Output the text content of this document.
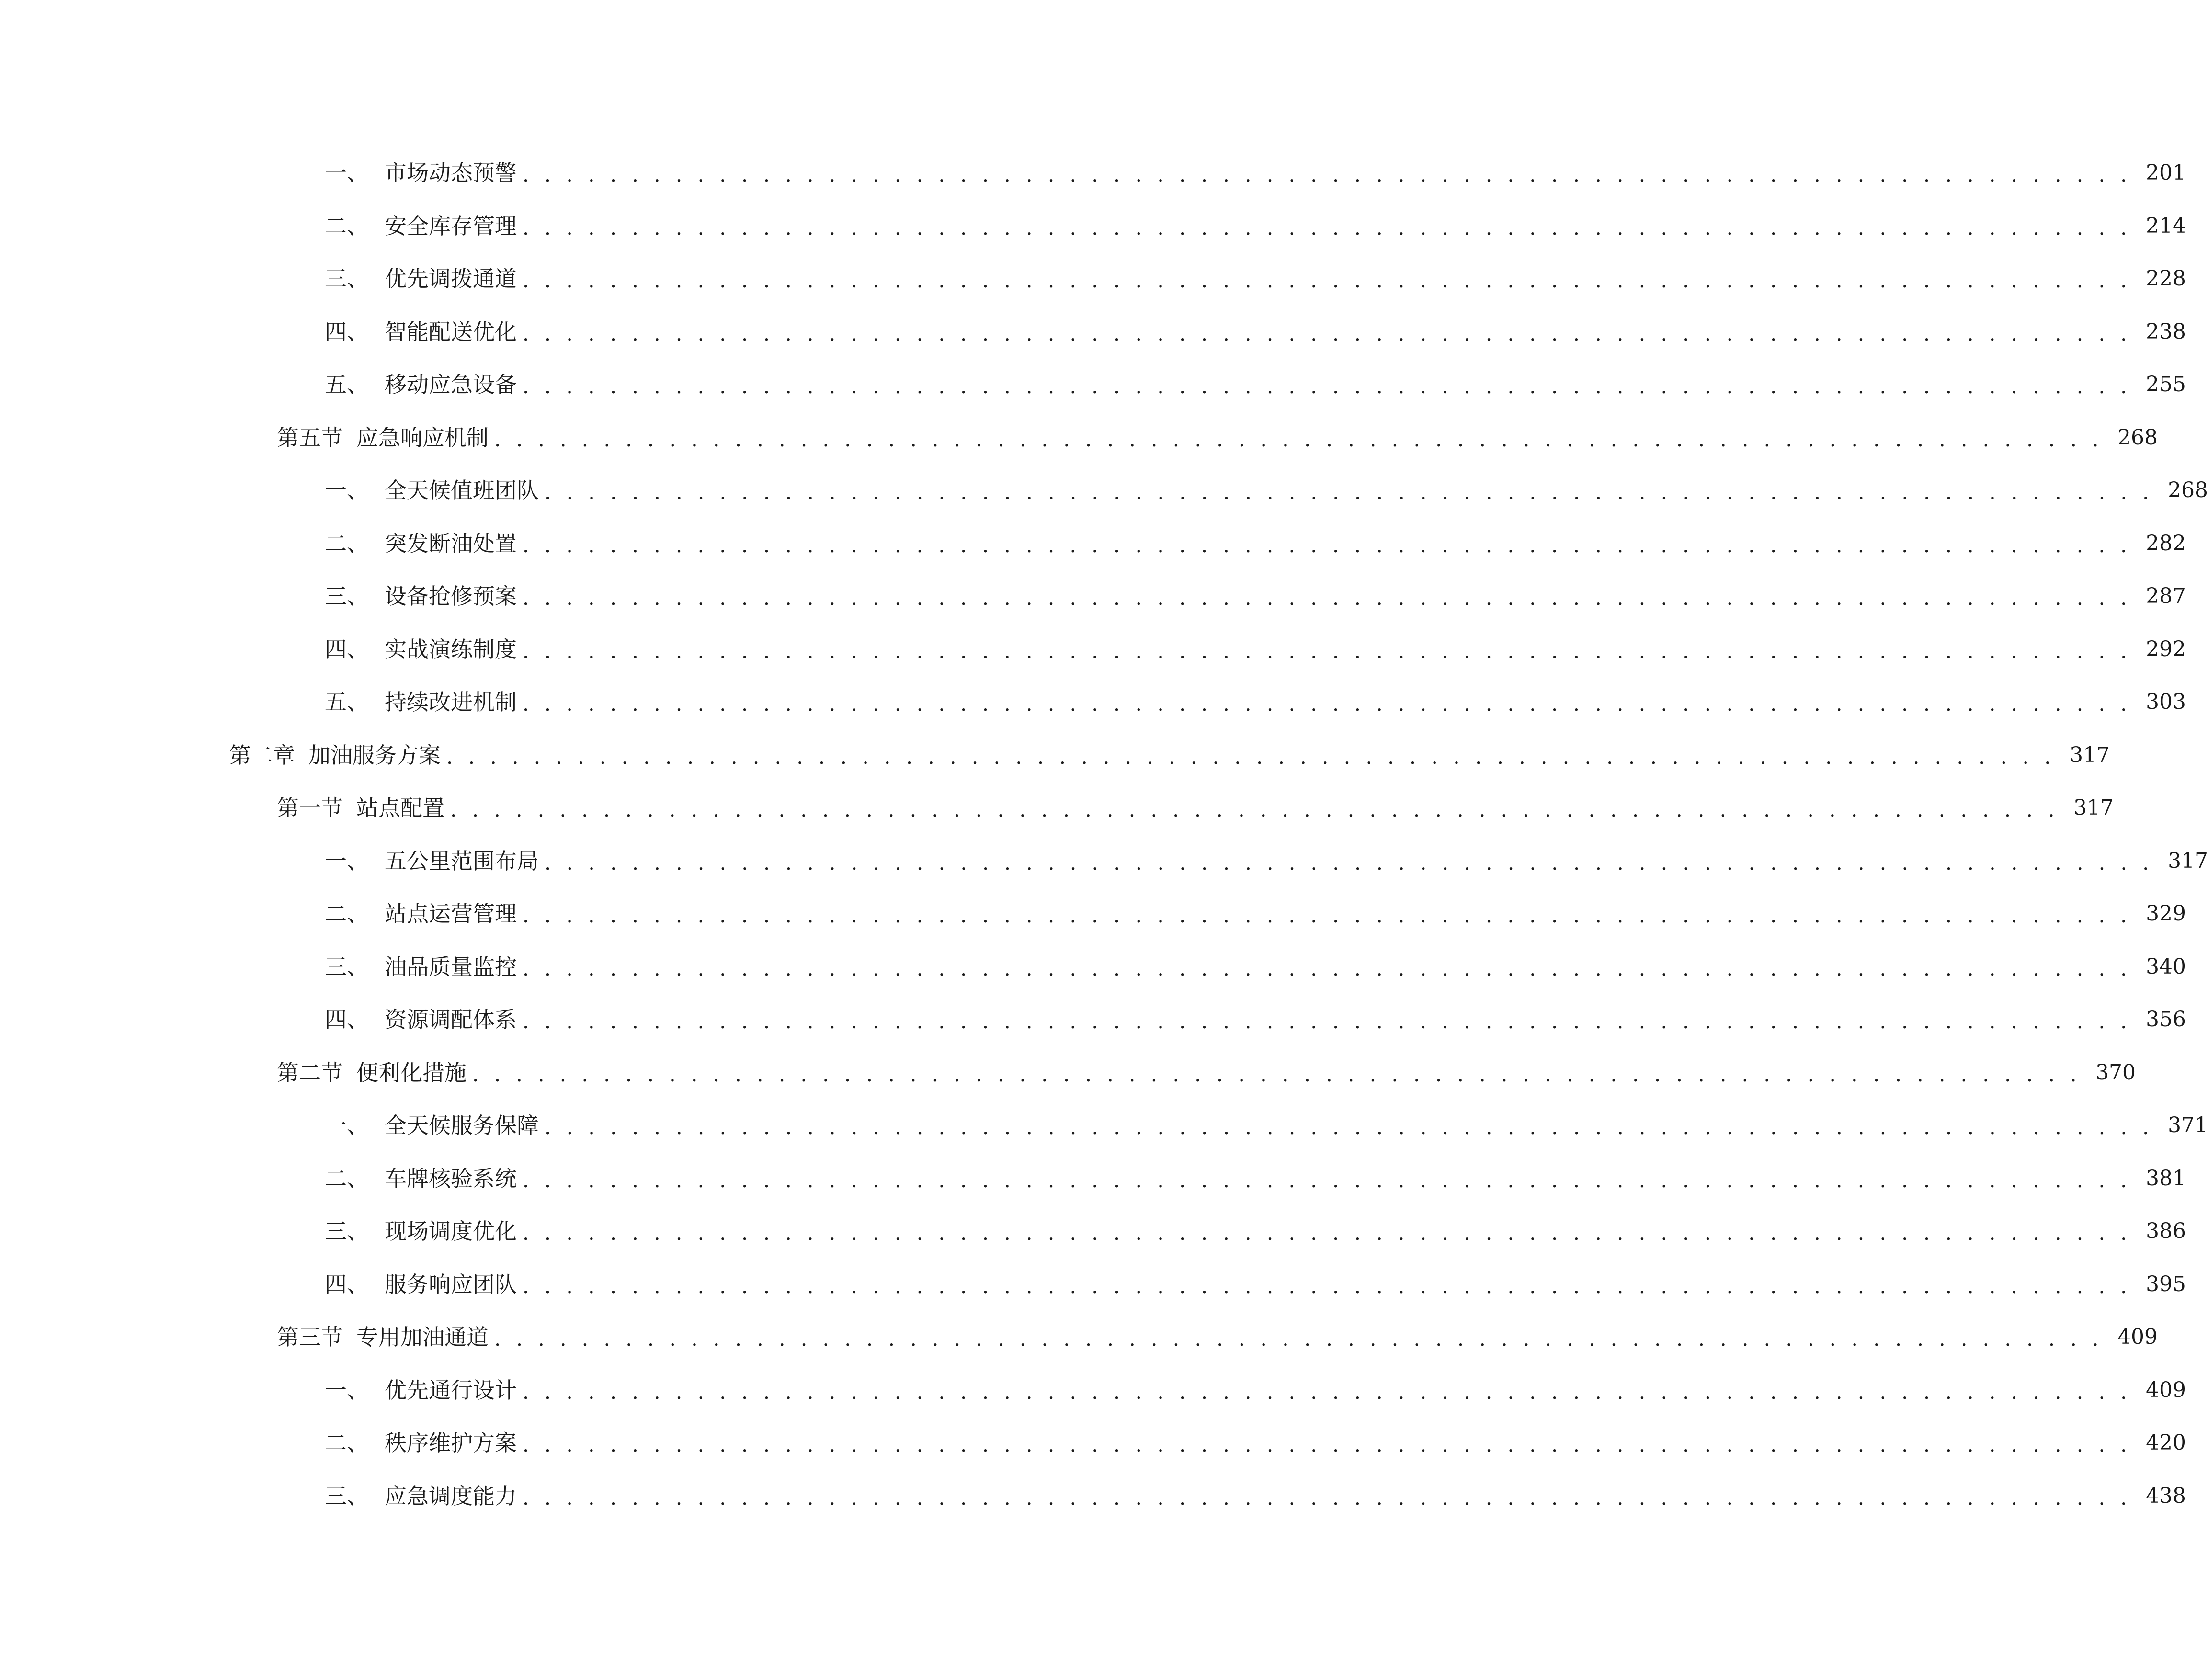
一、 市场动态预警 . . . . . . . . . . . . . . . . . . . . . . . . . . . . . . . . . . . . . . . . . . . . . . . . . . . . . . . . . . . . . . . . . . . . . . . . . . 201
二、 安全库存管理 . . . . . . . . . . . . . . . . . . . . . . . . . . . . . . . . . . . . . . . . . . . . . . . . . . . . . . . . . . . . . . . . . . . . . . . . . . 214
三、 优先调拨通道 . . . . . . . . . . . . . . . . . . . . . . . . . . . . . . . . . . . . . . . . . . . . . . . . . . . . . . . . . . . . . . . . . . . . . . . . . . 228
四、 智能配送优化 . . . . . . . . . . . . . . . . . . . . . . . . . . . . . . . . . . . . . . . . . . . . . . . . . . . . . . . . . . . . . . . . . . . . . . . . . . 238
五、 移动应急设备 . . . . . . . . . . . . . . . . . . . . . . . . . . . . . . . . . . . . . . . . . . . . . . . . . . . . . . . . . . . . . . . . . . . . . . . . . . 255
第五节 应急响应机制 . . . . . . . . . . . . . . . . . . . . . . . . . . . . . . . . . . . . . . . . . . . . . . . . . . . . . . . . . . . . . . . . . . . . . . . . . . 268
一、 全天候值班团队 . . . . . . . . . . . . . . . . . . . . . . . . . . . . . . . . . . . . . . . . . . . . . . . . . . . . . . . . . . . . . . . . . . . . . . . . . . 268
二、 突发断油处置 . . . . . . . . . . . . . . . . . . . . . . . . . . . . . . . . . . . . . . . . . . . . . . . . . . . . . . . . . . . . . . . . . . . . . . . . . . 282
三、 设备抢修预案 . . . . . . . . . . . . . . . . . . . . . . . . . . . . . . . . . . . . . . . . . . . . . . . . . . . . . . . . . . . . . . . . . . . . . . . . . . 287
四、 实战演练制度 . . . . . . . . . . . . . . . . . . . . . . . . . . . . . . . . . . . . . . . . . . . . . . . . . . . . . . . . . . . . . . . . . . . . . . . . . . 292
五、 持续改进机制 . . . . . . . . . . . . . . . . . . . . . . . . . . . . . . . . . . . . . . . . . . . . . . . . . . . . . . . . . . . . . . . . . . . . . . . . . . 303
第二章 加油服务方案 . . . . . . . . . . . . . . . . . . . . . . . . . . . . . . . . . . . . . . . . . . . . . . . . . . . . . . . . . . . . . . . . . . . . . . . . . . 317
第一节 站点配置 . . . . . . . . . . . . . . . . . . . . . . . . . . . . . . . . . . . . . . . . . . . . . . . . . . . . . . . . . . . . . . . . . . . . . . . . . . 317
一、 五公里范围布局 . . . . . . . . . . . . . . . . . . . . . . . . . . . . . . . . . . . . . . . . . . . . . . . . . . . . . . . . . . . . . . . . . . . . . . . . . . 317
二、 站点运营管理 . . . . . . . . . . . . . . . . . . . . . . . . . . . . . . . . . . . . . . . . . . . . . . . . . . . . . . . . . . . . . . . . . . . . . . . . . . 329
三、 油品质量监控 . . . . . . . . . . . . . . . . . . . . . . . . . . . . . . . . . . . . . . . . . . . . . . . . . . . . . . . . . . . . . . . . . . . . . . . . . . 340
四、 资源调配体系 . . . . . . . . . . . . . . . . . . . . . . . . . . . . . . . . . . . . . . . . . . . . . . . . . . . . . . . . . . . . . . . . . . . . . . . . . . 356
第二节 便利化措施 . . . . . . . . . . . . . . . . . . . . . . . . . . . . . . . . . . . . . . . . . . . . . . . . . . . . . . . . . . . . . . . . . . . . . . . . . . 370
一、 全天候服务保障 . . . . . . . . . . . . . . . . . . . . . . . . . . . . . . . . . . . . . . . . . . . . . . . . . . . . . . . . . . . . . . . . . . . . . . . . . . 371
二、 车牌核验系统 . . . . . . . . . . . . . . . . . . . . . . . . . . . . . . . . . . . . . . . . . . . . . . . . . . . . . . . . . . . . . . . . . . . . . . . . . . 381
三、 现场调度优化 . . . . . . . . . . . . . . . . . . . . . . . . . . . . . . . . . . . . . . . . . . . . . . . . . . . . . . . . . . . . . . . . . . . . . . . . . . 386
四、 服务响应团队 . . . . . . . . . . . . . . . . . . . . . . . . . . . . . . . . . . . . . . . . . . . . . . . . . . . . . . . . . . . . . . . . . . . . . . . . . . 395
第三节 专用加油通道 . . . . . . . . . . . . . . . . . . . . . . . . . . . . . . . . . . . . . . . . . . . . . . . . . . . . . . . . . . . . . . . . . . . . . . . . . . 409
一、 优先通行设计 . . . . . . . . . . . . . . . . . . . . . . . . . . . . . . . . . . . . . . . . . . . . . . . . . . . . . . . . . . . . . . . . . . . . . . . . . . 409
二、 秩序维护方案 . . . . . . . . . . . . . . . . . . . . . . . . . . . . . . . . . . . . . . . . . . . . . . . . . . . . . . . . . . . . . . . . . . . . . . . . . . 420
三、 应急调度能力 . . . . . . . . . . . . . . . . . . . . . . . . . . . . . . . . . . . . . . . . . . . . . . . . . . . . . . . . . . . . . . . . . . . . . . . . . . 438
